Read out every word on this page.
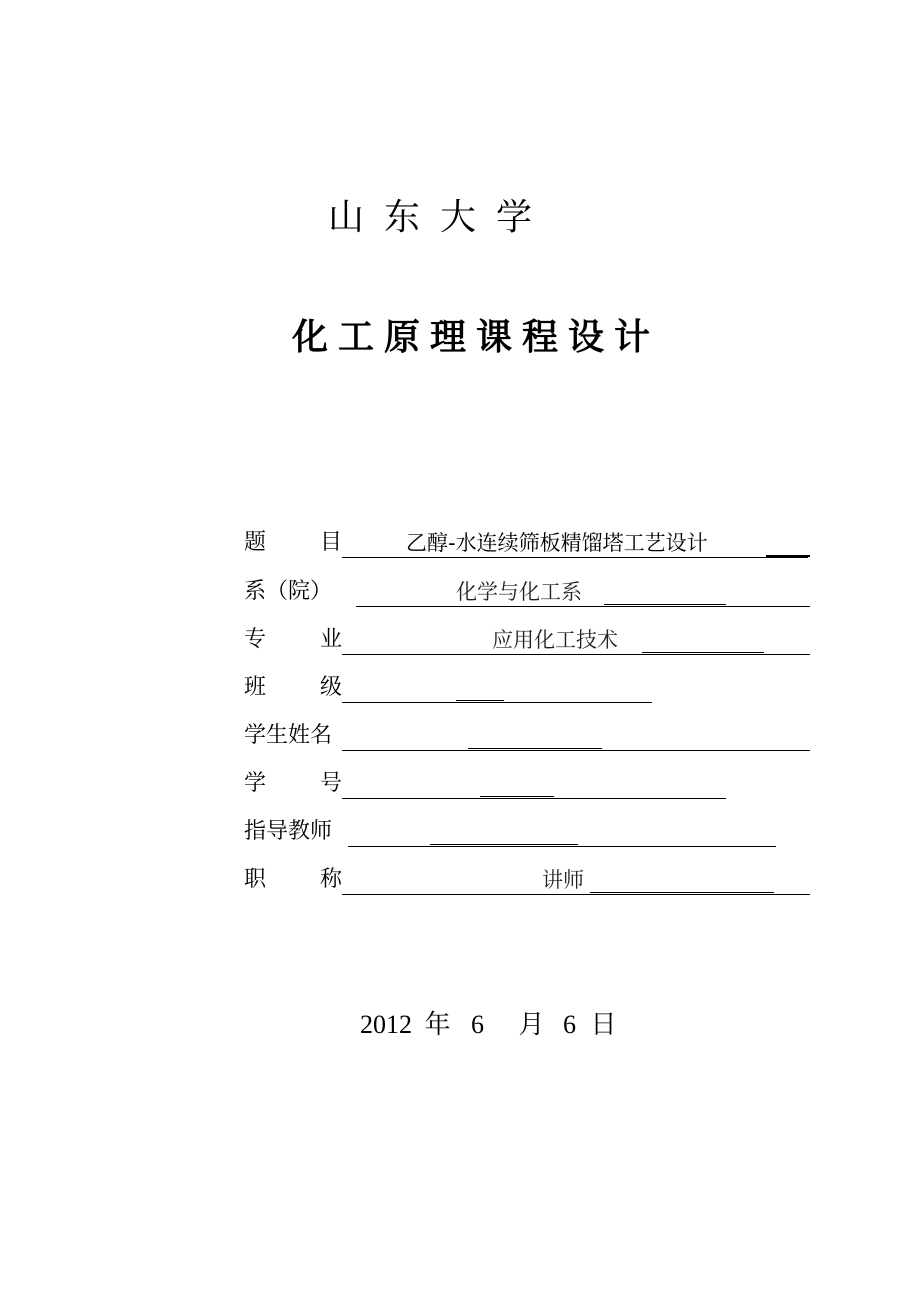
山东大学
化工原理课程设计
题目 乙醇-水连续筛板精馏塔工艺设计
系（院）	化学与化工系
专业	应用化工技术
班级
学生姓名
学号
指导教师
职称	讲师
2012 年 6 月 6 日
